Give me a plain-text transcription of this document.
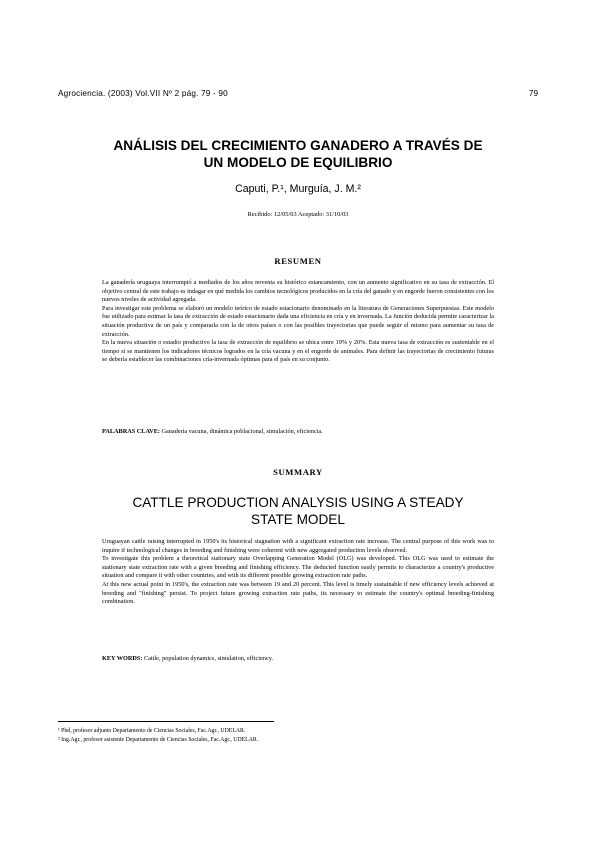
Agrociencia. (2003) Vol.VII Nº 2 pág. 79 - 90	79
ANÁLISIS DEL CRECIMIENTO GANADERO A TRAVÉS DE
UN MODELO DE EQUILIBRIO
Caputi, P.¹, Murguía, J. M.²
Recibido: 12/05/03 Aceptado: 31/10/03
RESUMEN

La ganadería uruguaya interrumpió a mediados de los años noventa su histórico estancamiento, con un aumento significativo en su tasa de extracción. El objetivo central de este trabajo es indagar en qué medida los cambios tecnológicos producidos en la cría del ganado y en engorde fueron consistentes con los nuevos niveles de actividad agregada.

Para investigar este problema se elaboró un modelo teórico de estado estacionario denominado en la literatura de Generaciones Superpuestas. Este modelo fue utilizado para estimar la tasa de extracción de estado estacionario dada una eficiencia en cría y en invernada. La función deducida permite caracterizar la situación productiva de un país y compararla con la de otros países o con las posibles trayectorias que puede seguir el mismo para aumentar su tasa de extracción.

En la nueva situación o estadio productivo la tasa de extracción de equilibrio se ubica entre 19% y 20%. Esta nueva tasa de extracción es sustentable en el tiempo si se mantienen los indicadores técnicos logrados en la cría vacuna y en el engorde de animales. Para definir las trayectorias de crecimiento futuras se debería establecer las combinaciones cría-invernada óptimas para el país en su conjunto.

PALABRAS CLAVE: Ganadería vacuna, dinámica poblacional, simulación, eficiencia.
SUMMARY
CATTLE PRODUCTION ANALYSIS USING A STEADY
STATE MODEL

Uruguayan cattle raising interrupted in 1950's its historical stagnation with a significant extraction rate increase. The central purpose of this work was to inquire if technological changes in breeding and finishing were coherent with new aggregated production levels observed.

To investigate this problem a theoretical stationary state Overlapping Generation Model (OLG) was developed. This OLG was used to estimate the stationary state extraction rate with a given breeding and finishing efficiency. The deducted function easily permits to characterize a country's productive situation and compare it with other countries, and with its different possible growing extraction rate paths.

At this new actual point in 1950's, the extraction rate was between 19 and 20 percent. This level is timely sustainable if new efficiency levels achieved at breeding and "finishing" persist. To project future growing extraction rate paths, its necessary to estimate the country's optimal breeding-finishing combination.

KEY WORDS: Cattle, population dynamics, simulation, efficiency.

¹ Phd, profesor adjunto Departamento de Ciencias Sociales, Fac.Agr., UDELAR.

² Ing.Agr., profesor asistente Departamento de Ciencias Sociales, Fac.Agr., UDELAR.
